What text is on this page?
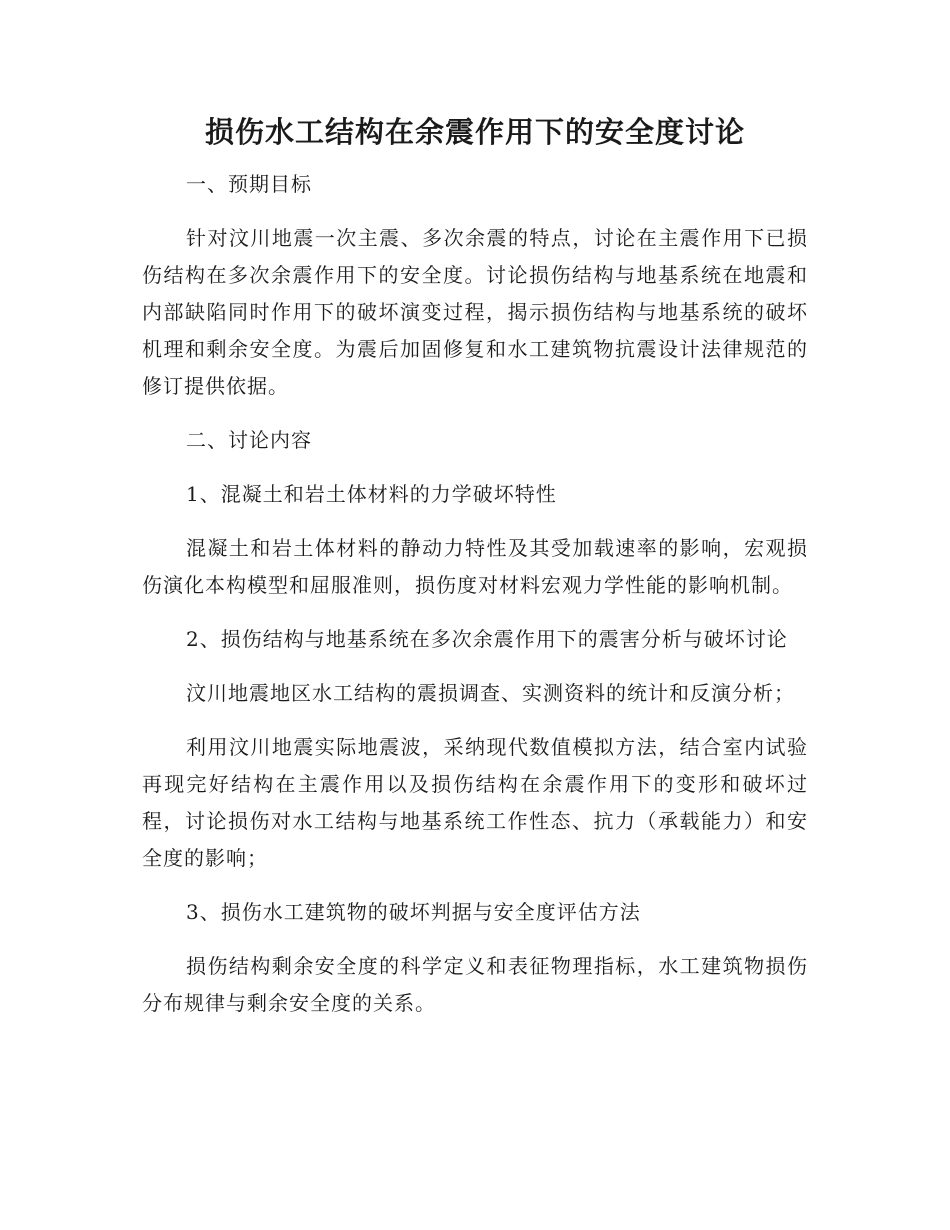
损伤水工结构在余震作用下的安全度讨论

一、预期目标

针对汶川地震一次主震、多次余震的特点，讨论在主震作用下已损伤结构在多次余震作用下的安全度。讨论损伤结构与地基系统在地震和内部缺陷同时作用下的破坏演变过程，揭示损伤结构与地基系统的破坏机理和剩余安全度。为震后加固修复和水工建筑物抗震设计法律规范的修订提供依据。

二、讨论内容

1、混凝土和岩土体材料的力学破坏特性

混凝土和岩土体材料的静动力特性及其受加载速率的影响，宏观损伤演化本构模型和屈服准则，损伤度对材料宏观力学性能的影响机制。

2、损伤结构与地基系统在多次余震作用下的震害分析与破坏讨论

汶川地震地区水工结构的震损调查、实测资料的统计和反演分析；

利用汶川地震实际地震波，采纳现代数值模拟方法，结合室内试验再现完好结构在主震作用以及损伤结构在余震作用下的变形和破坏过程，讨论损伤对水工结构与地基系统工作性态、抗力（承载能力）和安全度的影响；

3、损伤水工建筑物的破坏判据与安全度评估方法

损伤结构剩余安全度的科学定义和表征物理指标，水工建筑物损伤分布规律与剩余安全度的关系。
